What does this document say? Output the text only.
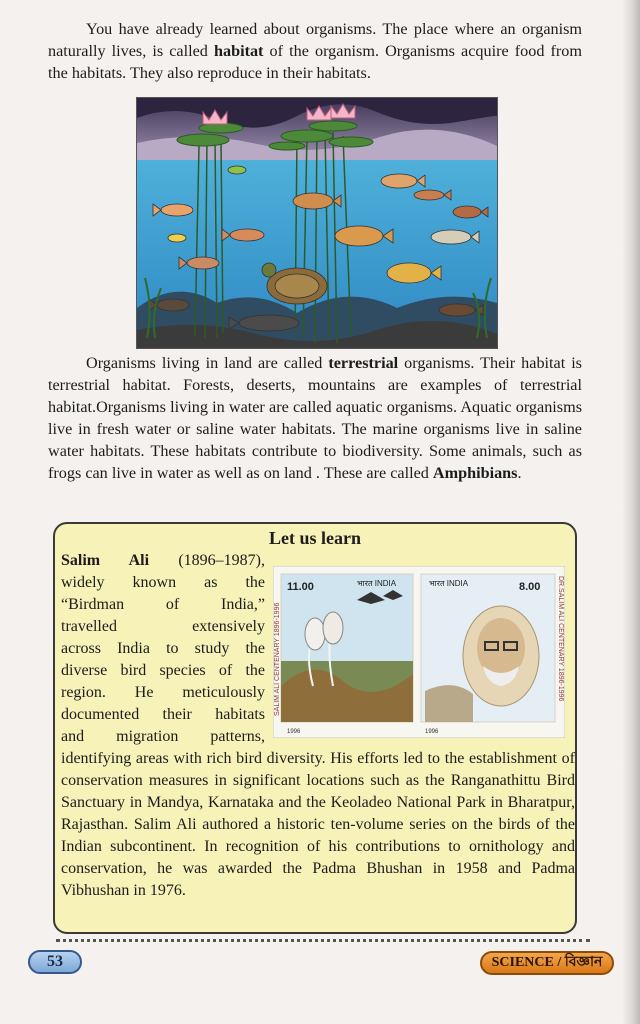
You have already learned about organisms. The place where an organism naturally lives, is called habitat of the organism. Organisms acquire food from the habitats. They also reproduce in their habitats.

Organisms living in land are called terrestrial organisms. Their habitat is terrestrial habitat. Forests, deserts, mountains are examples of terrestrial habitat.Organisms living in water are called aquatic organisms. Aquatic organisms live in fresh water or saline water habitats. The marine organisms live in saline water habitats. These habitats contribute to biodiversity. Some animals, such as frogs can live in water as well as on land . These are called Amphibians.

Let us learn
Salim Ali (1896–1987),
widely known as the
“Birdman of India,”
travelled extensively
across India to study the
diverse bird species of the
region. He meticulously
documented their habitats
and migration patterns,
identifying areas with rich bird diversity. His efforts led to the establishment of conservation measures in significant locations such as the Ranganathittu Bird Sanctuary in Mandya, Karnataka and the Keoladeo National Park in Bharatpur, Rajasthan. Salim Ali authored a historic ten-volume series on the birds of the Indian subcontinent. In recognition of his contributions to ornithology and conservation, he was awarded the Padma Bhushan in 1958 and Padma Vibhushan in 1976.
11.00	भारत INDIA	भारत INDIA	8.00
SALIM ALI CENTENARY 1896-1996	DR.SALIM ALI CENTENARY 1896-1996
1996	1996
53	SCIENCE / বিজ্ঞান
